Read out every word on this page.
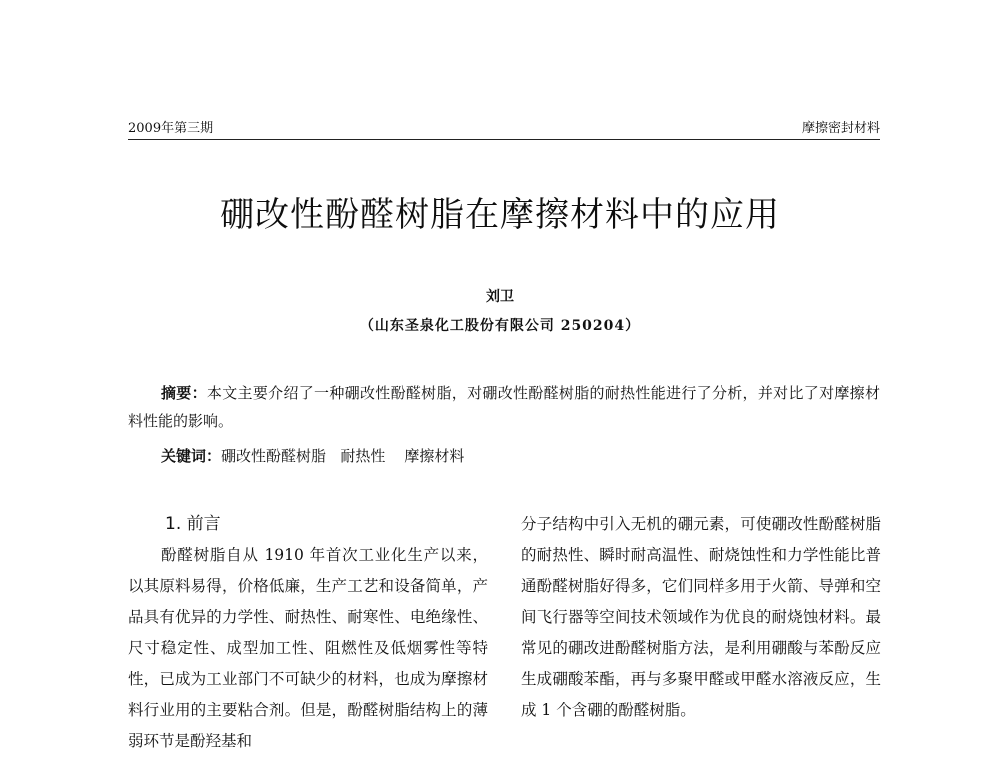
2009年第三期	摩擦密封材料
硼改性酚醛树脂在摩擦材料中的应用
刘卫
（山东圣泉化工股份有限公司 250204）
摘要：本文主要介绍了一种硼改性酚醛树脂，对硼改性酚醛树脂的耐热性能进行了分析，并对比了对摩擦材料性能的影响。
关键词：硼改性酚醛树脂   耐热性    摩擦材料
1. 前言

酚醛树脂自从 1910 年首次工业化生产以来，以其原料易得，价格低廉，生产工艺和设备简单，产品具有优异的力学性、耐热性、耐寒性、电绝缘性、尺寸稳定性、成型加工性、阻燃性及低烟雾性等特性，已成为工业部门不可缺少的材料，也成为摩擦材料行业用的主要粘合剂。但是，酚醛树脂结构上的薄弱环节是酚羟基和

分子结构中引入无机的硼元素，可使硼改性酚醛树脂的耐热性、瞬时耐高温性、耐烧蚀性和力学性能比普通酚醛树脂好得多，它们同样多用于火箭、导弹和空间飞行器等空间技术领域作为优良的耐烧蚀材料。最常见的硼改进酚醛树脂方法，是利用硼酸与苯酚反应生成硼酸苯酯，再与多聚甲醛或甲醛水溶液反应，生成 1 个含硼的酚醛树脂。
